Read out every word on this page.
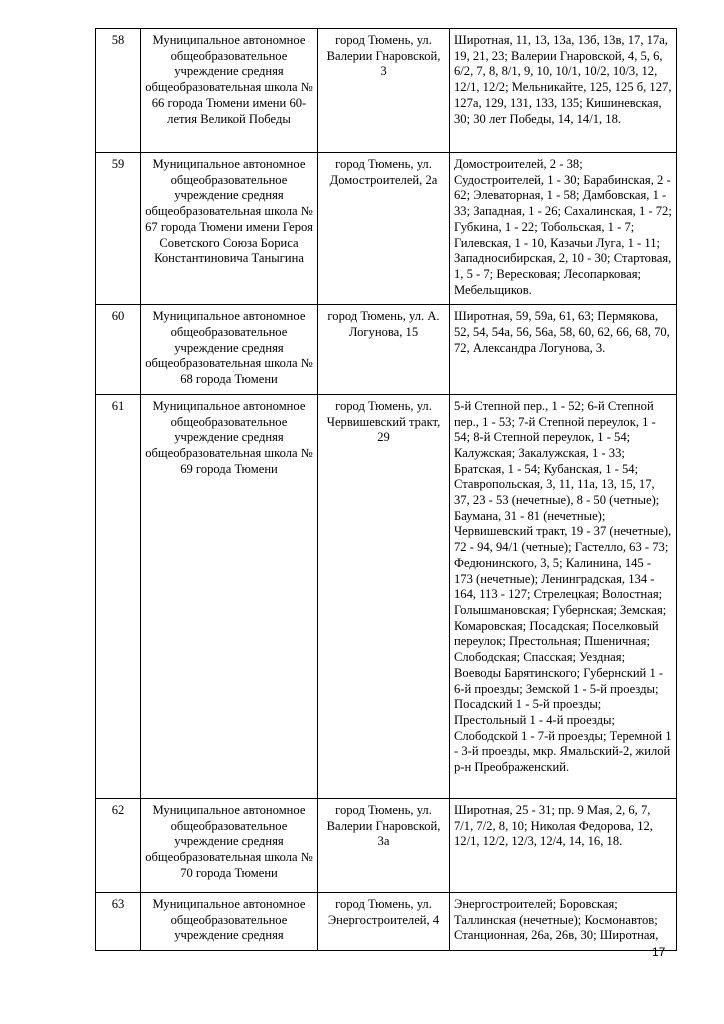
58	Муниципальное автономное общеобразовательное учреждение средняя общеобразовательная школа № 66 города Тюмени имени 60-летия Великой Победы	город Тюмень, ул. Валерии Гнаровской, 3	Широтная, 11, 13, 13а, 13б, 13в, 17, 17а, 19, 21, 23; Валерии Гнаровской, 4, 5, 6, 6/2, 7, 8, 8/1, 9, 10, 10/1, 10/2, 10/3, 12, 12/1, 12/2; Мельникайте, 125, 125 б, 127, 127а, 129, 131, 133, 135; Кишиневская, 30; 30 лет Победы, 14, 14/1, 18.
59	Муниципальное автономное общеобразовательное учреждение средняя общеобразовательная школа № 67 города Тюмени имени Героя Советского Союза Бориса Константиновича Таныгина	город Тюмень, ул. Домостроителей, 2а	Домостроителей, 2 - 38; Судостроителей, 1 - 30; Барабинская, 2 - 62; Элеваторная, 1 - 58; Дамбовская, 1 - 33; Западная, 1 - 26; Сахалинская, 1 - 72; Губкина, 1 - 22; Тобольская, 1 - 7; Гилевская, 1 - 10, Казачьи Луга, 1 - 11; Западносибирская, 2, 10 - 30; Стартовая, 1, 5 - 7; Вересковая; Лесопарковая; Мебельщиков.
60	Муниципальное автономное общеобразовательное учреждение средняя общеобразовательная школа № 68 города Тюмени	город Тюмень, ул. А. Логунова, 15	Широтная, 59, 59а, 61, 63; Пермякова, 52, 54, 54а, 56, 56а, 58, 60, 62, 66, 68, 70, 72, Александра Логунова, 3.
61	Муниципальное автономное общеобразовательное учреждение средняя общеобразовательная школа № 69 города Тюмени	город Тюмень, ул. Червишевский тракт, 29	5-й Степной пер., 1 - 52; 6-й Степной пер., 1 - 53; 7-й Степной переулок, 1 - 54; 8-й Степной переулок, 1 - 54; Калужская; Закалужская, 1 - 33; Братская, 1 - 54; Кубанская, 1 - 54; Ставропольская, 3, 11, 11а, 13, 15, 17, 37, 23 - 53 (нечетные), 8 - 50 (четные); Баумана, 31 - 81 (нечетные); Червишевский тракт, 19 - 37 (нечетные), 72 - 94, 94/1 (четные); Гастелло, 63 - 73; Федюнинского, 3, 5; Калинина, 145 - 173 (нечетные); Ленинградская, 134 - 164, 113 - 127; Стрелецкая; Волостная; Голышмановская; Губернская; Земская; Комаровская; Посадская; Поселковый переулок; Престольная; Пшеничная; Слободская; Спасская; Уездная; Воеводы Барятинского; Губернский 1 - 6-й проезды; Земской 1 - 5-й проезды; Посадский 1 - 5-й проезды; Престольный 1 - 4-й проезды; Слободской 1 - 7-й проезды; Теремной 1 - 3-й проезды, мкр. Ямальский-2, жилой р-н Преображенский.
62	Муниципальное автономное общеобразовательное учреждение средняя общеобразовательная школа № 70 города Тюмени	город Тюмень, ул. Валерии Гнаровской, 3а	Широтная, 25 - 31; пр. 9 Мая, 2, 6, 7, 7/1, 7/2, 8, 10; Николая Федорова, 12, 12/1, 12/2, 12/3, 12/4, 14, 16, 18.
63	Муниципальное автономное общеобразовательное учреждение средняя	город Тюмень, ул. Энергостроителей, 4	Энергостроителей; Боровская; Таллинская (нечетные); Космонавтов; Станционная, 26а, 26в, 30; Широтная,
17
